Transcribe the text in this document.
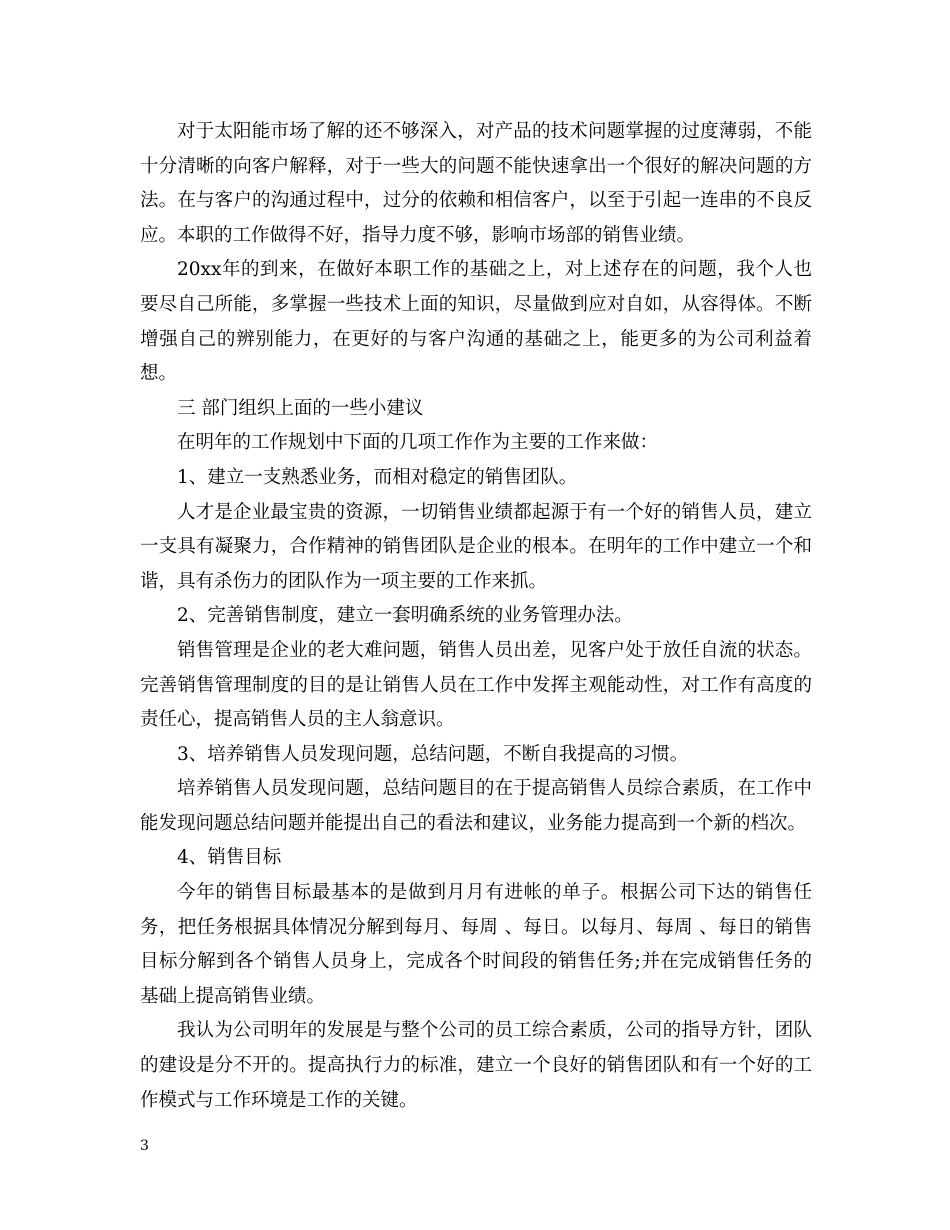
对于太阳能市场了解的还不够深入，对产品的技术问题掌握的过度薄弱，不能十分清晰的向客户解释，对于一些大的问题不能快速拿出一个很好的解决问题的方法。在与客户的沟通过程中，过分的依赖和相信客户，以至于引起一连串的不良反应。本职的工作做得不好，指导力度不够，影响市场部的销售业绩。

20xx年的到来，在做好本职工作的基础之上，对上述存在的问题，我个人也要尽自己所能，多掌握一些技术上面的知识，尽量做到应对自如，从容得体。不断增强自己的辨别能力，在更好的与客户沟通的基础之上，能更多的为公司利益着想。

三 部门组织上面的一些小建议

在明年的工作规划中下面的几项工作作为主要的工作来做：

1、建立一支熟悉业务，而相对稳定的销售团队。

人才是企业最宝贵的资源，一切销售业绩都起源于有一个好的销售人员，建立一支具有凝聚力，合作精神的销售团队是企业的根本。在明年的工作中建立一个和谐，具有杀伤力的团队作为一项主要的工作来抓。

2、完善销售制度，建立一套明确系统的业务管理办法。

销售管理是企业的老大难问题，销售人员出差，见客户处于放任自流的状态。完善销售管理制度的目的是让销售人员在工作中发挥主观能动性，对工作有高度的责任心，提高销售人员的主人翁意识。

3、培养销售人员发现问题，总结问题，不断自我提高的习惯。

培养销售人员发现问题，总结问题目的在于提高销售人员综合素质，在工作中能发现问题总结问题并能提出自己的看法和建议，业务能力提高到一个新的档次。

4、销售目标

今年的销售目标最基本的是做到月月有进帐的单子。根据公司下达的销售任务，把任务根据具体情况分解到每月、每周 、每日。以每月、每周 、每日的销售目标分解到各个销售人员身上，完成各个时间段的销售任务;并在完成销售任务的基础上提高销售业绩。

我认为公司明年的发展是与整个公司的员工综合素质，公司的指导方针，团队的建设是分不开的。提高执行力的标准，建立一个良好的销售团队和有一个好的工作模式与工作环境是工作的关键。

3
